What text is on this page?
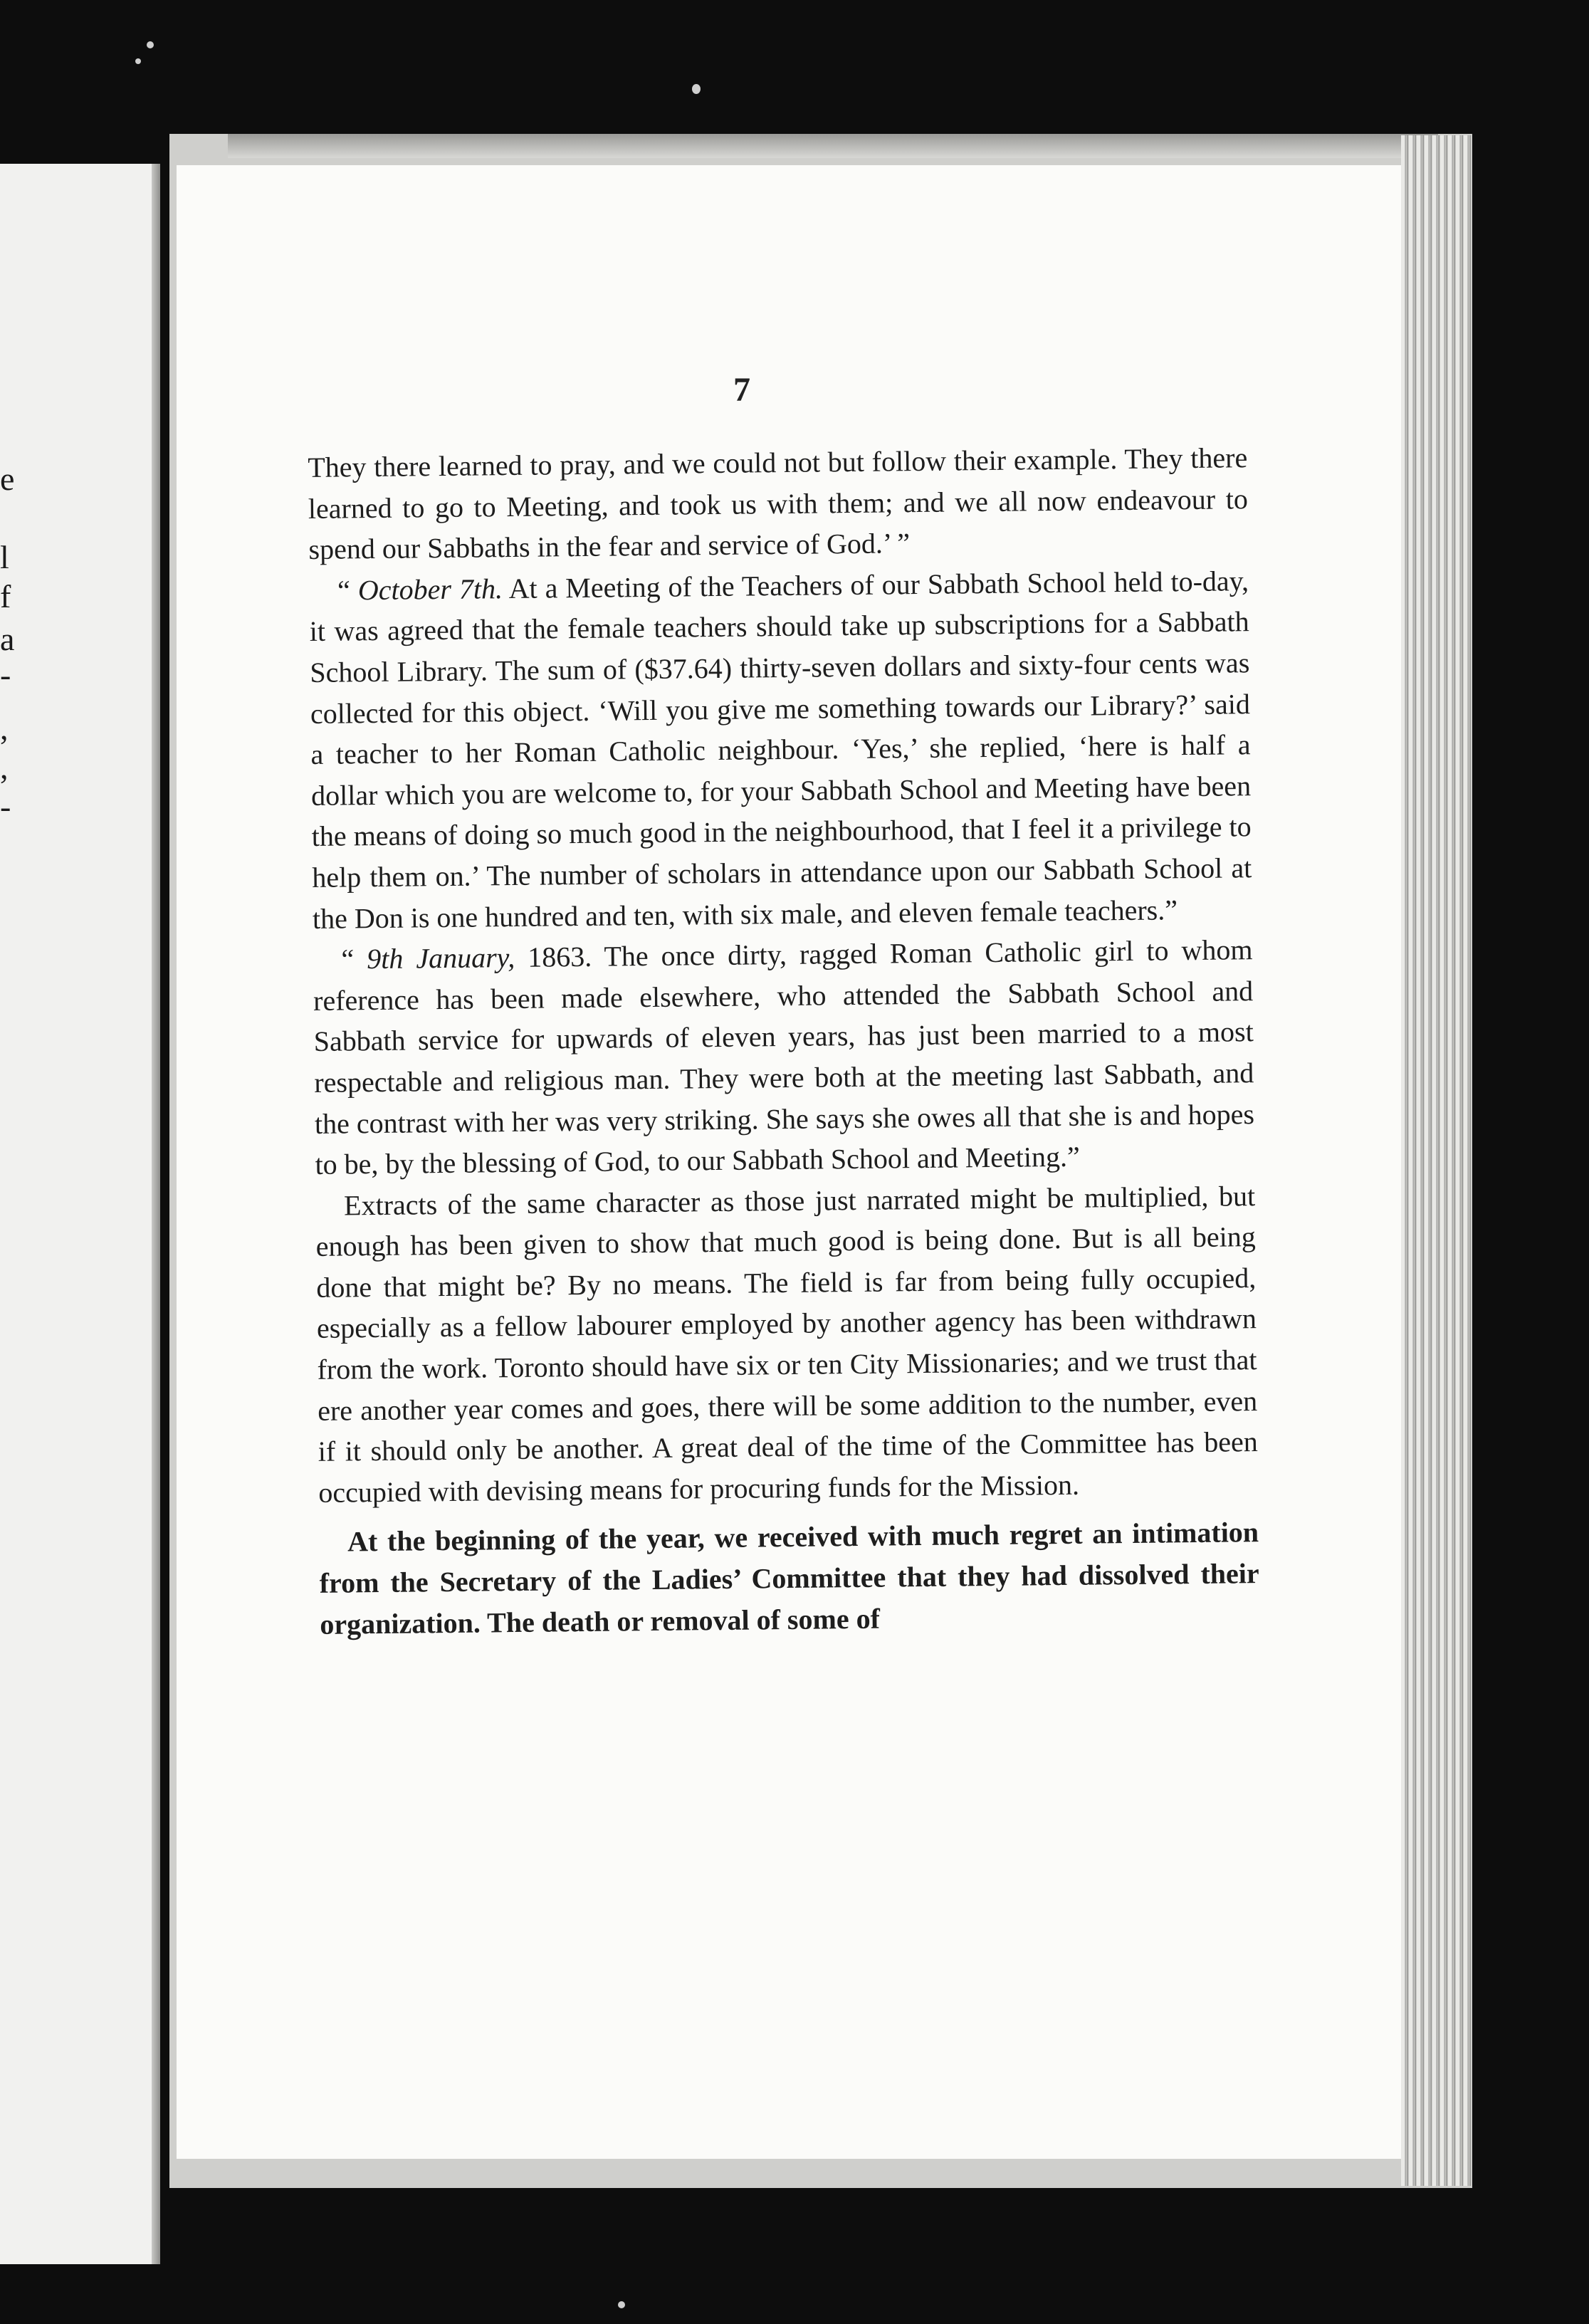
e
l
f
a
-
,
,
-
7

They there learned to pray, and we could not but follow their example. They there learned to go to Meeting, and took us with them; and we all now endeavour to spend our Sabbaths in the fear and service of God.’ ”

“ October 7th. At a Meeting of the Teachers of our Sabbath School held to-day, it was agreed that the female teachers should take up subscriptions for a Sabbath School Library. The sum of ($37.64) thirty-seven dollars and sixty-four cents was collected for this object. ‘Will you give me something towards our Library?’ said a teacher to her Roman Catholic neighbour. ‘Yes,’ she replied, ‘here is half a dollar which you are welcome to, for your Sabbath School and Meeting have been the means of doing so much good in the neighbourhood, that I feel it a privilege to help them on.’ The number of scholars in attendance upon our Sabbath School at the Don is one hundred and ten, with six male, and eleven female teachers.”

“ 9th January, 1863. The once dirty, ragged Roman Catholic girl to whom reference has been made elsewhere, who attended the Sabbath School and Sabbath service for upwards of eleven years, has just been married to a most respectable and religious man. They were both at the meeting last Sabbath, and the contrast with her was very striking. She says she owes all that she is and hopes to be, by the blessing of God, to our Sabbath School and Meeting.”

Extracts of the same character as those just narrated might be multiplied, but enough has been given to show that much good is being done. But is all being done that might be? By no means. The field is far from being fully occupied, especially as a fellow labourer employed by another agency has been withdrawn from the work. Toronto should have six or ten City Missionaries; and we trust that ere another year comes and goes, there will be some addition to the number, even if it should only be another. A great deal of the time of the Committee has been occupied with devising means for procuring funds for the Mission.

At the beginning of the year, we received with much regret an intimation from the Secretary of the Ladies’ Committee that they had dissolved their organization. The death or removal of some of
